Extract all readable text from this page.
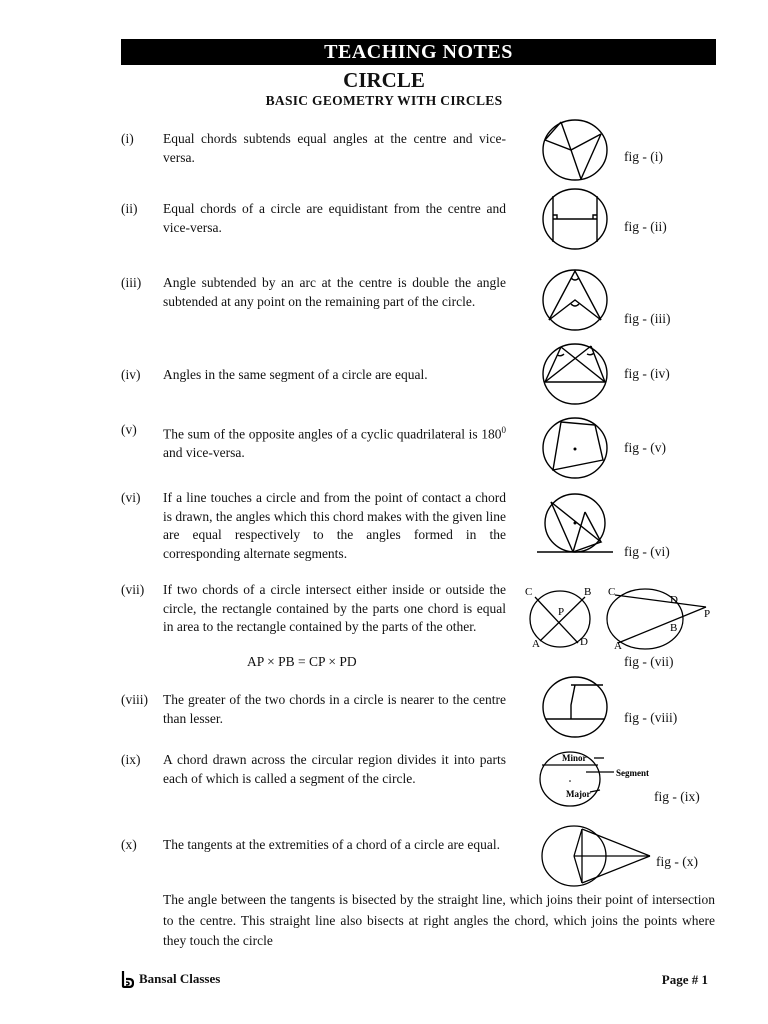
TEACHING NOTES
CIRCLE
BASIC GEOMETRY WITH CIRCLES
(i) Equal chords subtends equal angles at the centre and vice-versa.	fig - (i)
(ii) Equal chords of a circle are equidistant from the centre and vice-versa.	fig - (ii)
(iii) Angle subtended by an arc at the centre is double the angle subtended at any point on the remaining part of the circle.
fig - (iii)
(iv) Angles in the same segment of a circle are equal.	fig - (iv)
(v) The sum of the opposite angles of a cyclic quadrilateral is $180^0$ and vice-versa.	fig - (v)
(vi) If a line touches a circle and from the point of contact a chord is drawn, the angles which this chord makes with the given line are equal respectively to the angles formed in the corresponding alternate segments.	fig - (vi)
(vii) If two chords of a circle intersect either inside or outside the circle, the rectangle contained by the parts one chord is equal in area to the rectangle contained by the parts of the other.
AP × PB = CP × PD
C	B
P
A	D
C
D
P
B
A
fig - (vii)
(viii) The greater of the two chords in a circle is nearer to the centre than lesser.	fig - (viii)
(ix) A chord drawn across the circular region divides it into parts each of which is called a segment of the circle.
Minor
Segment
Major	fig - (ix)
(x) The tangents at the extremities of a chord of a circle are equal.
fig - (x)
The angle between the tangents is bisected by the straight line, which joins their point of intersection to the centre. This straight line also bisects at right angles the chord, which joins the points where they touch the circle
Bansal Classes	Page # 1
